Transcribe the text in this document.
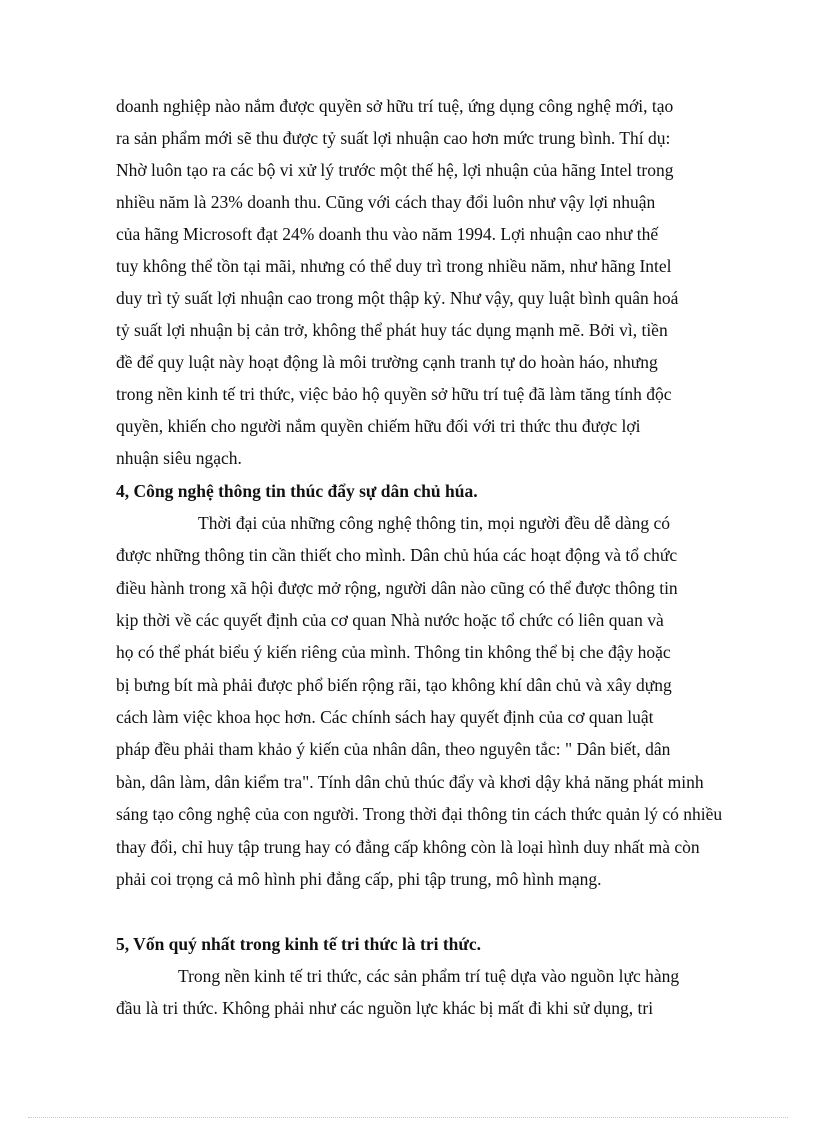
doanh nghiệp nào nắm được quyền sở hữu trí tuệ, ứng dụng công nghệ mới, tạo
ra sản phẩm mới sẽ thu được tỷ suất lợi nhuận cao hơn mức trung bình. Thí dụ:
Nhờ luôn tạo ra các bộ vi xử lý trước một thế hệ, lợi nhuận của hãng Intel trong
nhiều năm là 23% doanh thu. Cũng với cách thay đổi luôn như vậy lợi nhuận
của hãng Microsoft đạt 24% doanh thu vào năm 1994. Lợi nhuận cao như thế
tuy không thể tồn tại mãi, nhưng có thể duy trì trong nhiều năm, như hãng Intel
duy trì tỷ suất lợi nhuận cao trong một thập kỷ. Như vậy, quy luật bình quân hoá
tỷ suất lợi nhuận bị cản trở, không thể phát huy tác dụng mạnh mẽ. Bởi vì, tiền
đề để quy luật này hoạt động là môi trường cạnh tranh tự do hoàn háo, nhưng
trong nền kinh tế tri thức, việc bảo hộ quyền sở hữu trí tuệ đã làm tăng tính độc
quyền, khiến cho người nắm quyền chiếm hữu đối với tri thức thu được lợi
nhuận siêu ngạch.
4, Công nghệ thông tin thúc đẩy sự dân chủ húa.
Thời đại của những công nghệ thông tin, mọi người đều dễ dàng có
được những thông tin cần thiết cho mình. Dân chủ húa các hoạt động và tổ chức
điều hành trong xã hội được mở rộng, người dân nào cũng có thể được thông tin
kịp thời về các quyết định của cơ quan Nhà nước hoặc tổ chức có liên quan và
họ có thể phát biểu ý kiến riêng của mình. Thông tin không thể bị che đậy hoặc
bị bưng bít mà phải được phổ biến rộng rãi, tạo không khí dân chủ và xây dựng
cách làm việc khoa học hơn. Các chính sách hay quyết định của cơ quan luật
pháp đều phải tham khảo ý kiến của nhân dân, theo nguyên tắc: " Dân biết, dân
bàn, dân làm, dân kiểm tra". Tính dân chủ thúc đẩy và khơi dậy khả năng phát minh
sáng tạo công nghệ của con người. Trong thời đại thông tin cách thức quản lý có nhiều
thay đổi, chỉ huy tập trung hay có đẳng cấp không còn là loại hình duy nhất mà còn
phải coi trọng cả mô hình phi đẳng cấp, phi tập trung, mô hình mạng.
5, Vốn quý nhất trong kinh tế tri thức là tri thức.
Trong nền kinh tế tri thức, các sản phẩm trí tuệ dựa vào nguồn lực hàng
đầu là tri thức. Không phải như các nguồn lực khác bị mất đi khi sử dụng, tri
